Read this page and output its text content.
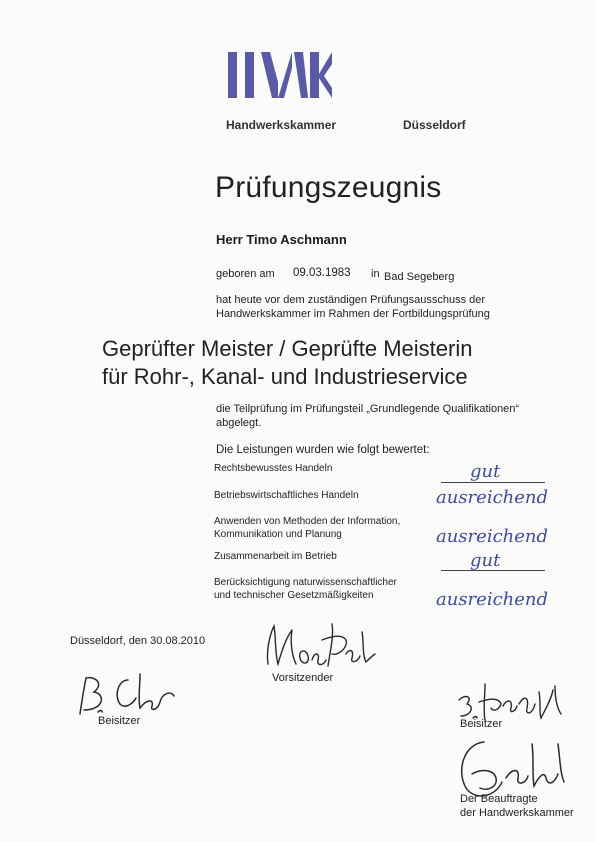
Handwerkskammer	Düsseldorf
Prüfungszeugnis
Herr Timo Aschmann
geboren am 09.03.1983 in Bad Segeberg
hat heute vor dem zuständigen Prüfungsausschuss der
Handwerkskammer im Rahmen der Fortbildungsprüfung
Geprüfter Meister / Geprüfte Meisterin
für Rohr-, Kanal- und Industrieservice
die Teilprüfung im Prüfungsteil „Grundlegende Qualifikationen“
abgelegt.
Die Leistungen wurden wie folgt bewertet:
Rechtsbewusstes Handeln	gut
Betriebswirtschaftliches Handeln	ausreichend
Anwenden von Methoden der Information,
Kommunikation und Planung	ausreichend
Zusammenarbeit im Betrieb	gut
Berücksichtigung naturwissenschaftlicher
und technischer Gesetzmäßigkeiten	ausreichend
Düsseldorf, den 30.08.2010
Vorsitzender
Beisitzer	Beisitzer
Der Beauftragte
der Handwerkskammer
